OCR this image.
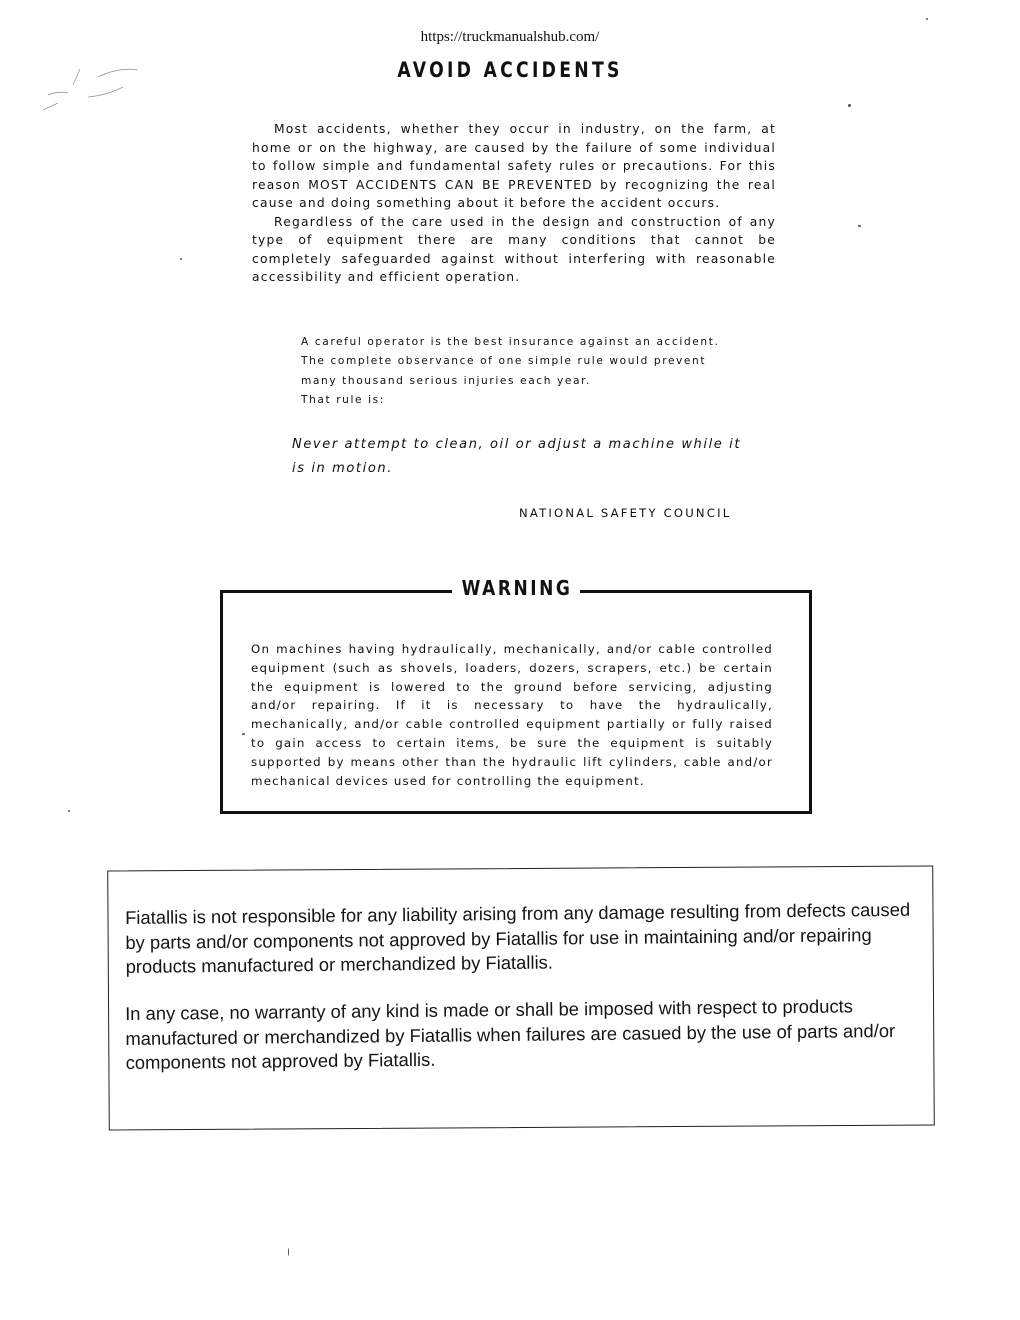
https://truckmanualshub.com/
AVOID ACCIDENTS

Most accidents, whether they occur in industry, on the farm, at home or on the highway, are caused by the failure of some individual to follow simple and fundamental safety rules or precautions. For this reason MOST ACCIDENTS CAN BE PREVENTED by recognizing the real cause and doing something about it before the accident occurs.

Regardless of the care used in the design and construction of any type of equipment there are many conditions that cannot be completely safeguarded against without interfering with reasonable accessibility and efficient operation.

A careful operator is the best insurance against an accident.

The complete observance of one simple rule would prevent

many thousand serious injuries each year.

That rule is:

Never attempt to clean, oil or adjust a machine while it is in motion.
NATIONAL SAFETY COUNCIL
WARNING
On machines having hydraulically, mechanically, and/or cable controlled equipment (such as shovels, loaders, dozers, scrapers, etc.) be certain the equipment is lowered to the ground before servicing, adjusting and/or repairing. If it is necessary to have the hydraulically, mechanically, and/or cable controlled equipment partially or fully raised to gain access to certain items, be sure the equipment is suitably supported by means other than the hydraulic lift cylinders, cable and/or mechanical devices used for controlling the equipment.
Fiatallis is not responsible for any liability arising from any damage resulting from defects caused by parts and/or components not approved by Fiatallis for use in maintaining and/or repairing products manufactured or merchandized by Fiatallis.
In any case, no warranty of any kind is made or shall be imposed with respect to products manufactured or merchandized by Fiatallis when failures are casued by the use of parts and/or components not approved by Fiatallis.
